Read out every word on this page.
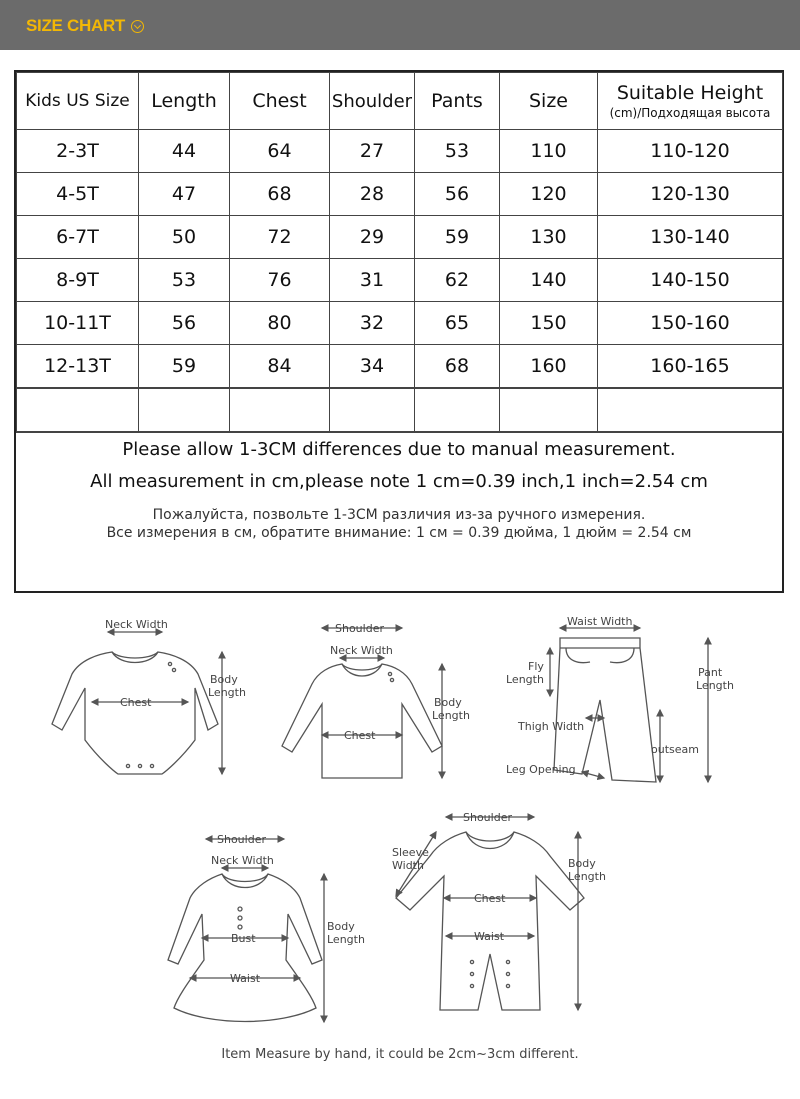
SIZE CHART
Kids US Size	Length	Chest	Shoulder	Pants	Size	Suitable Height
(cm)/Подходящая высота

2-3T	44	64	27	53	110	110-120
4-5T	47	68	28	56	120	120-130
6-7T	50	72	29	59	130	130-140
8-9T	53	76	31	62	140	140-150
10-11T	56	80	32	65	150	150-160
12-13T	59	84	34	68	160	160-165

Please allow 1-3CM differences due to manual measurement.

All measurement in cm,please note 1 cm=0.39 inch,1 inch=2.54 cm

Пожалуйста, позвольте 1-3СМ различия из-за ручного измерения.

Все измерения в см, обратите внимание: 1 см = 0.39 дюйма, 1 дюйм = 2.54 см

Neck Width
Chest
Body
Length
Shoulder
Neck Width
Chest
Body
Length
Waist Width
Fly
Length
Thigh Width
Leg Opening
Pant
Length
outseam
Shoulder
Neck Width
Bust
Waist
Body
Length
Shoulder
Sleeve
Width
Chest
Waist
Body
Length
Item Measure by hand, it could be 2cm~3cm different.
